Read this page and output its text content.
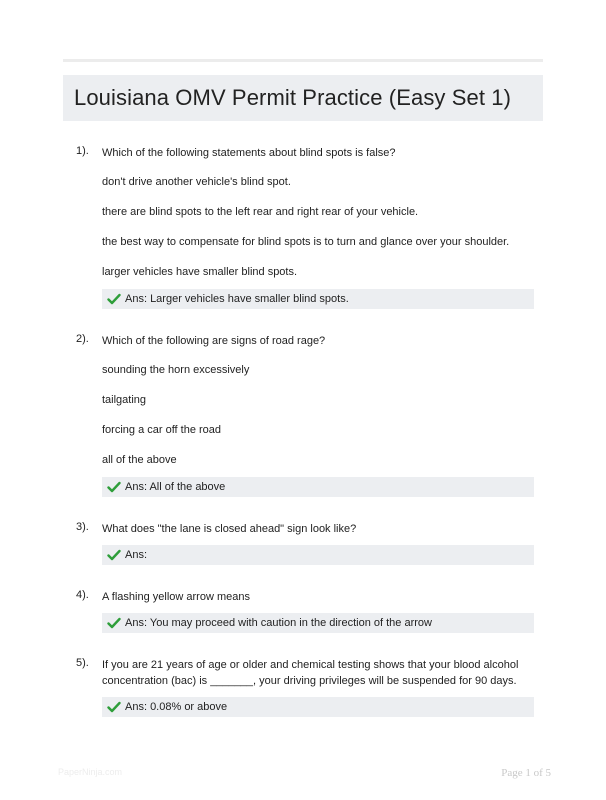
Louisiana OMV Permit Practice (Easy Set 1)
1). Which of the following statements about blind spots is false?
don't drive another vehicle's blind spot.
there are blind spots to the left rear and right rear of your vehicle.
the best way to compensate for blind spots is to turn and glance over your shoulder.
larger vehicles have smaller blind spots.
Ans: Larger vehicles have smaller blind spots.
2). Which of the following are signs of road rage?
sounding the horn excessively
tailgating
forcing a car off the road
all of the above
Ans: All of the above
3). What does "the lane is closed ahead" sign look like?
Ans:
4). A flashing yellow arrow means
Ans: You may proceed with caution in the direction of the arrow
5). If you are 21 years of age or older and chemical testing shows that your blood alcohol
concentration (bac) is _______, your driving privileges will be suspended for 90 days.
Ans: 0.08% or above
PaperNinja.com	Page 1 of 5
